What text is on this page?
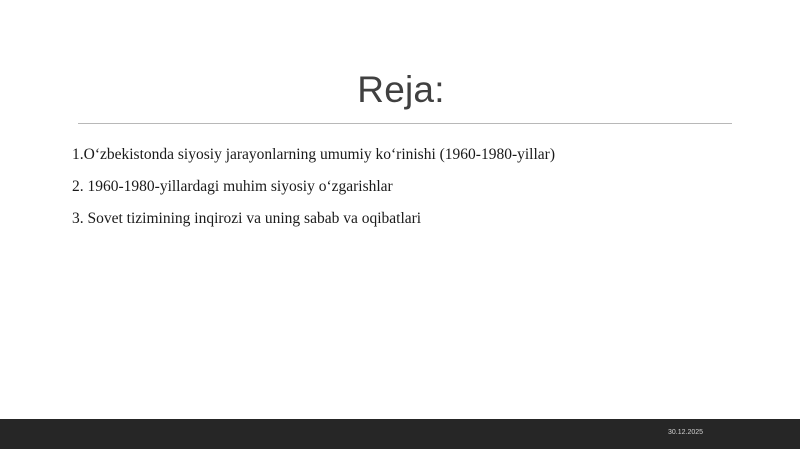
Reja:
1.O‘zbekistonda siyosiy jarayonlarning umumiy ko‘rinishi (1960-1980-yillar)
2. 1960-1980-yillardagi muhim siyosiy o‘zgarishlar
3. Sovet tizimining inqirozi va uning sabab va oqibatlari
30.12.2025
